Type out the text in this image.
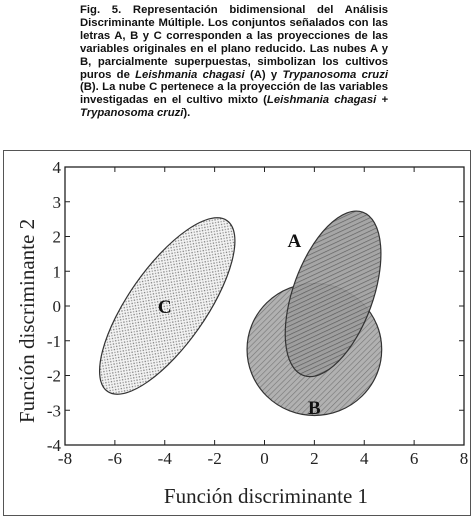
Fig. 5. Representación bidimensional del Análisis Discriminante Múltiple. Los conjuntos señalados con las letras A, B y C corresponden a las proyecciones de las variables originales en el plano reducido. Las nubes A y B, parcialmente superpuestas, simbolizan los cultivos puros de Leishmania chagasi (A) y Trypanosoma cruzi (B). La nube C pertenece a la proyección de las variables investigadas en el cultivo mixto (Leishmania chagasi + Trypanosoma cruzi).
-8 -6 -4 -2 0 2 4 6 8
-4
-3
-2
-1
0
1
2
3
4
C
B
A
Función discriminante 1
Función discriminante 2
